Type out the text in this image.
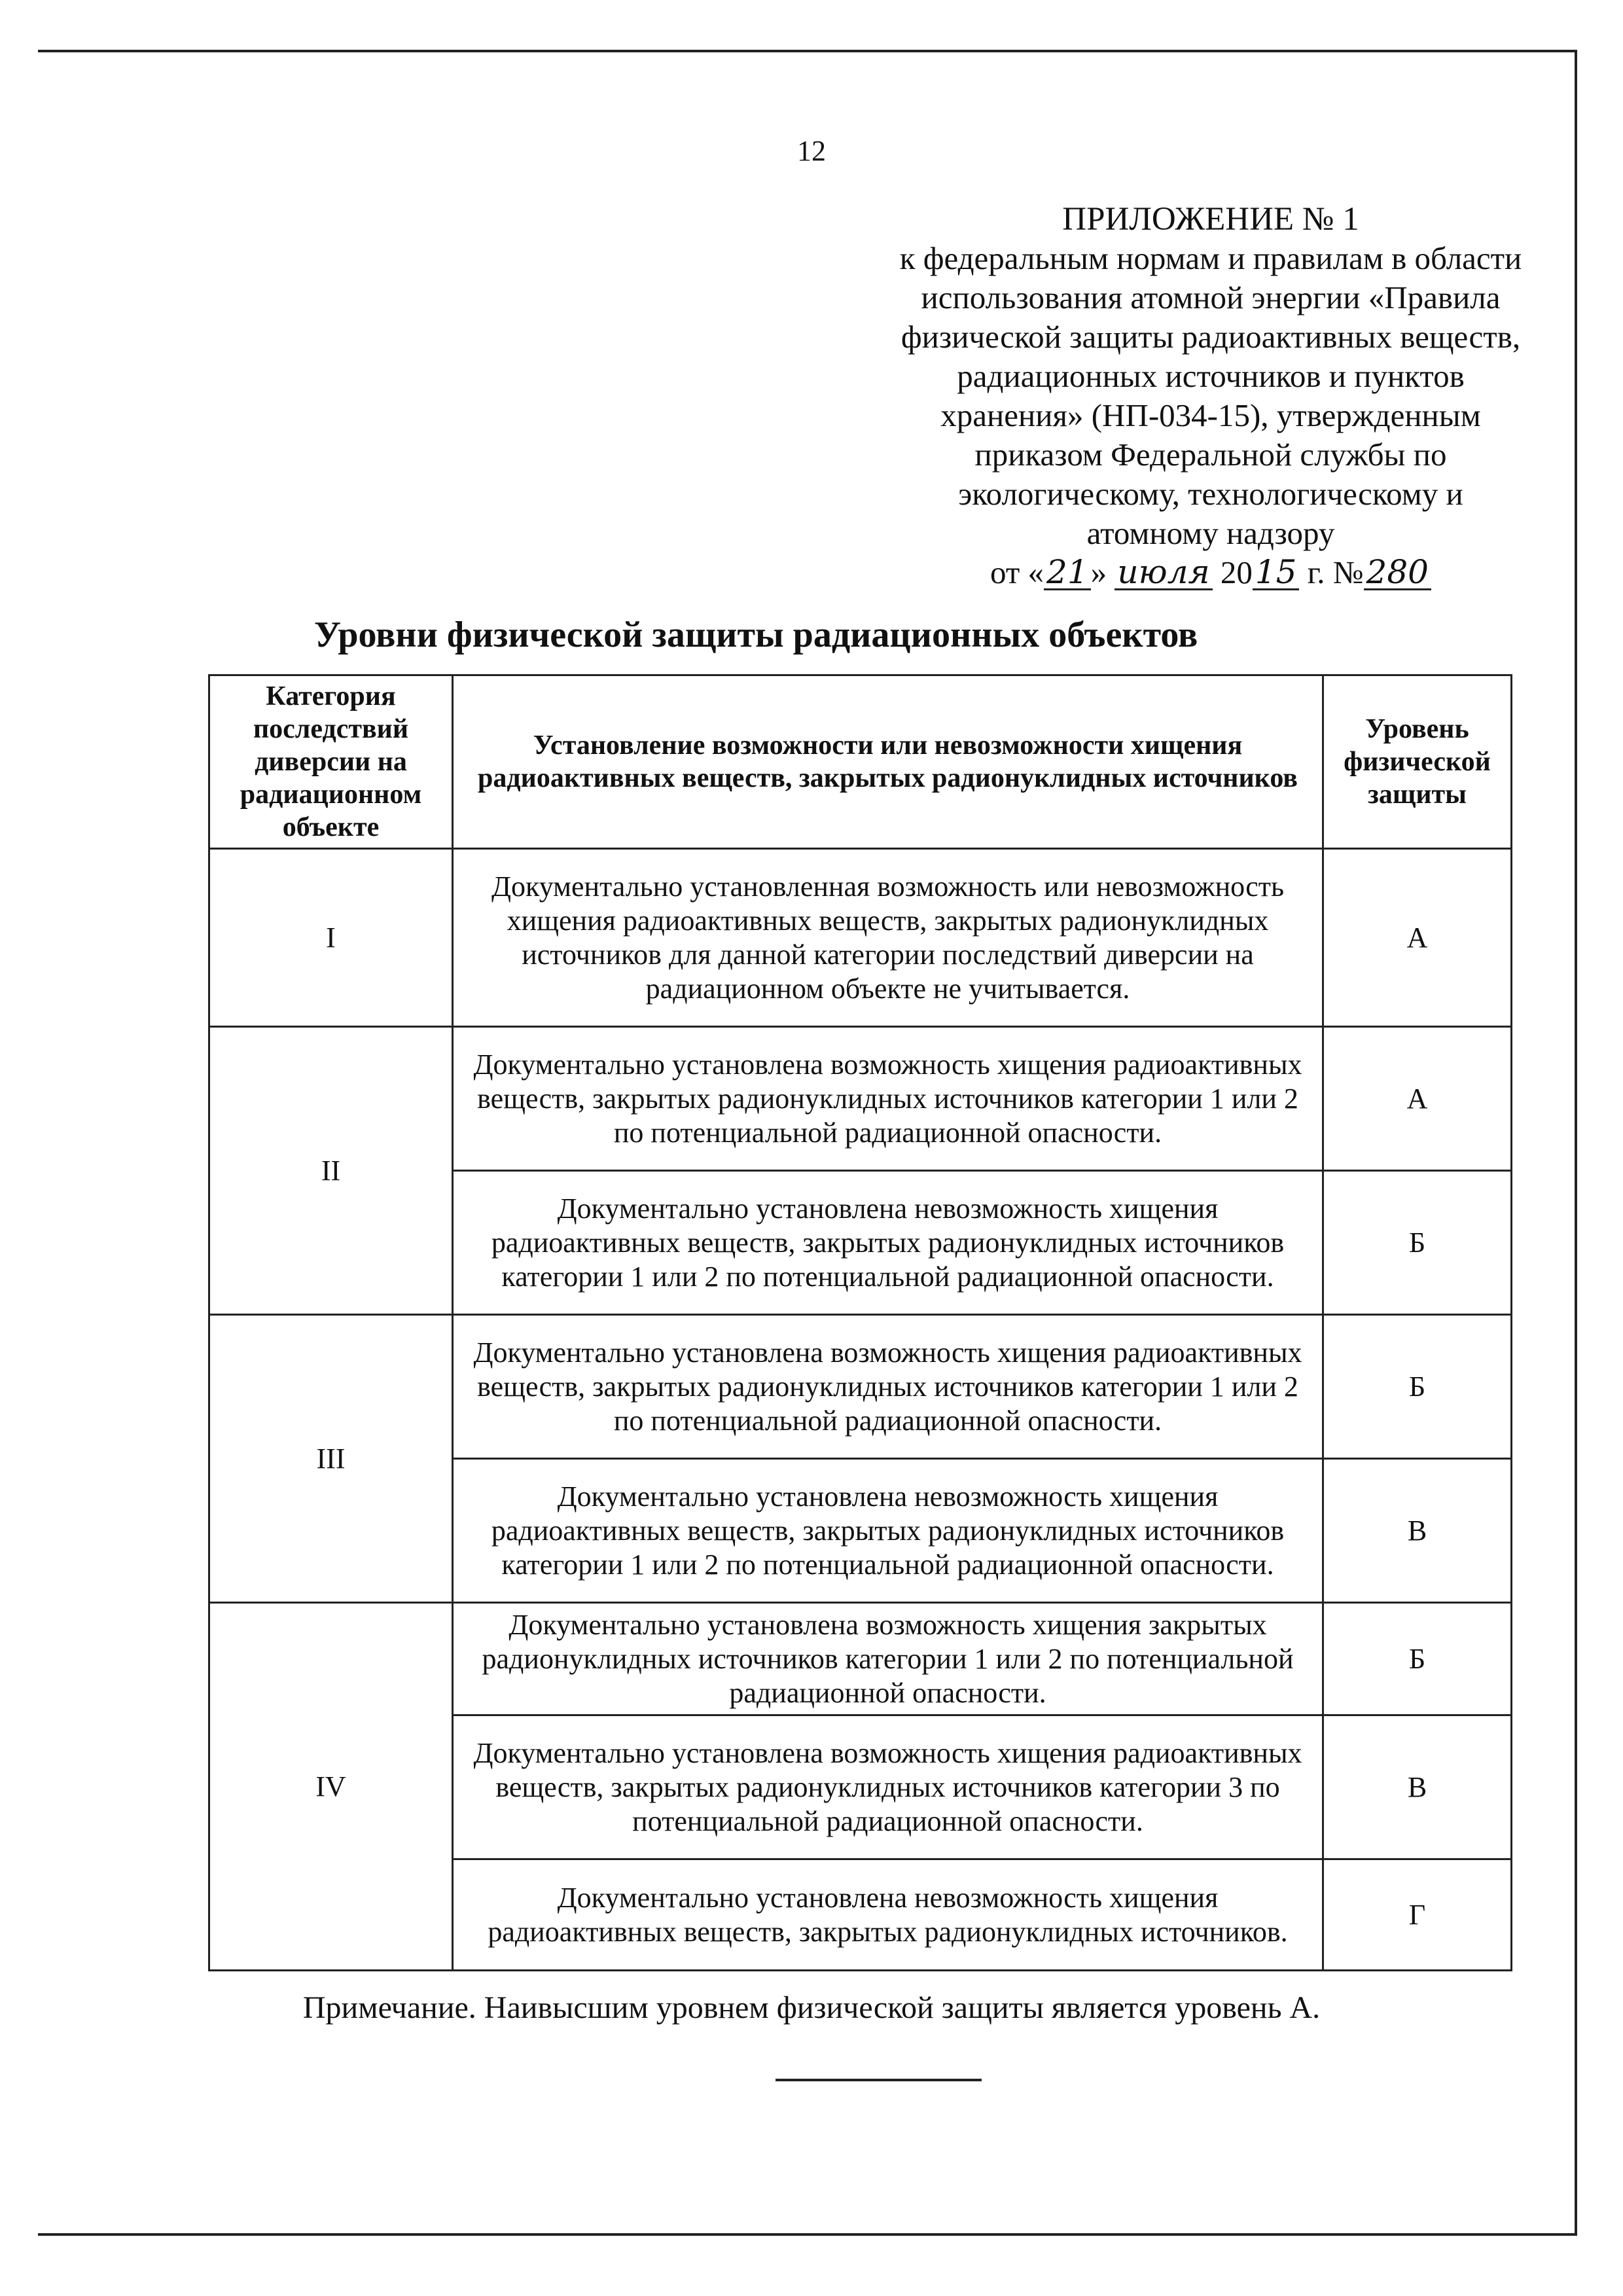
12
ПРИЛОЖЕНИЕ № 1
к федеральным нормам и правилам в области
использования атомной энергии «Правила
физической защиты радиоактивных веществ,
радиационных источников и пунктов
хранения» (НП-034-15), утвержденным
приказом Федеральной службы по
экологическому, технологическому и
атомному надзору
от «21» июля 2015 г. №280
Уровни физической защиты радиационных объектов
Категория последствий диверсии на радиационном объекте	Установление возможности или невозможности хищения радиоактивных веществ, закрытых радионуклидных источников	Уровень физической защиты
I	Документально установленная возможность или невозможность хищения радиоактивных веществ, закрытых радионуклидных источников для данной категории последствий диверсии на радиационном объекте не учитывается.	А
II	Документально установлена возможность хищения радиоактивных веществ, закрытых радионуклидных источников категории 1 или 2 по потенциальной радиационной опасности.	А
	Документально установлена невозможность хищения радиоактивных веществ, закрытых радионуклидных источников категории 1 или 2 по потенциальной радиационной опасности.	Б
III	Документально установлена возможность хищения радиоактивных веществ, закрытых радионуклидных источников категории 1 или 2 по потенциальной радиационной опасности.	Б
	Документально установлена невозможность хищения радиоактивных веществ, закрытых радионуклидных источников категории 1 или 2 по потенциальной радиационной опасности.	В
IV	Документально установлена возможность хищения закрытых радионуклидных источников категории 1 или 2 по потенциальной радиационной опасности.	Б
	Документально установлена возможность хищения радиоактивных веществ, закрытых радионуклидных источников категории 3 по потенциальной радиационной опасности.	В
	Документально установлена невозможность хищения радиоактивных веществ, закрытых радионуклидных источников.	Г
Примечание. Наивысшим уровнем физической защиты является уровень А.
